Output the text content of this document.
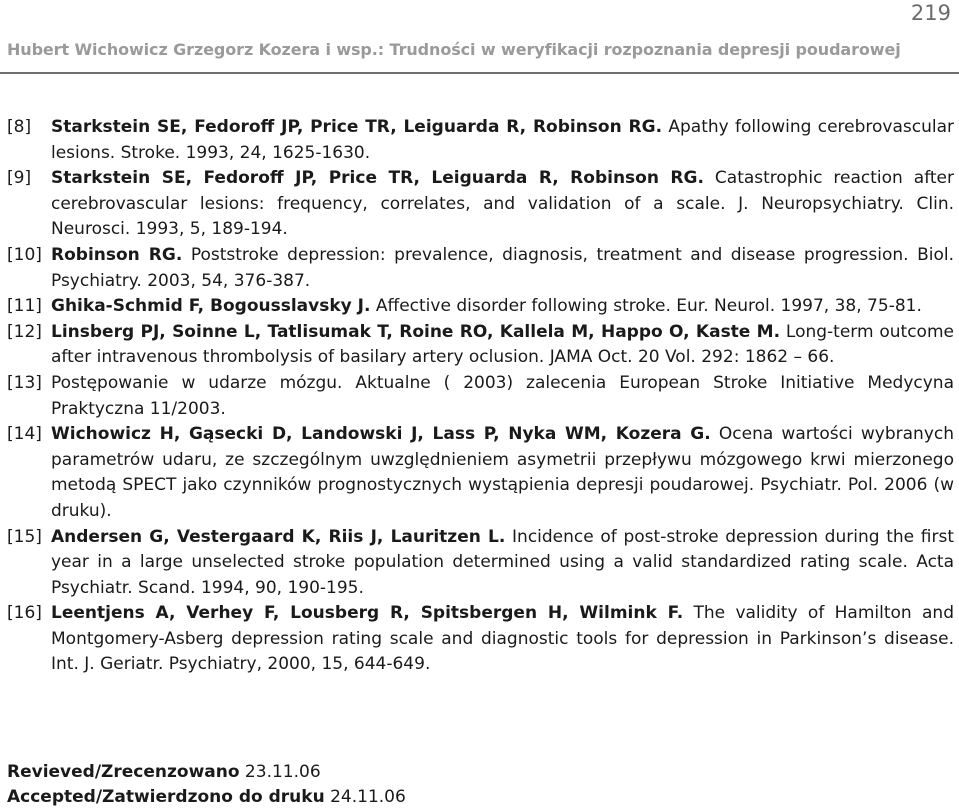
219
Hubert Wichowicz Grzegorz Kozera i wsp.: Trudności w weryfikacji rozpoznania depresji poudarowej
[8]	Starkstein SE, Fedoroff JP, Price TR, Leiguarda R, Robinson RG. Apathy following cerebrovascular lesions. Stroke. 1993, 24, 1625-1630.
[9]	Starkstein SE, Fedoroff JP, Price TR, Leiguarda R, Robinson RG. Catastrophic reaction after cerebrovascular lesions: frequency, correlates, and validation of a scale. J. Neuropsychiatry. Clin. Neurosci. 1993, 5, 189-194.
[10] Robinson RG. Poststroke depression: prevalence, diagnosis, treatment and disease progression. Biol. Psychiatry. 2003, 54, 376-387.
[11] Ghika-Schmid F, Bogousslavsky J. Affective disorder following stroke. Eur. Neurol. 1997, 38, 75-81.
[12] Linsberg PJ, Soinne L, Tatlisumak T, Roine RO, Kallela M, Happo O, Kaste M. Long-term outcome after intravenous thrombolysis of basilary artery oclusion. JAMA Oct. 20 Vol. 292: 1862 – 66.
[13] Postępowanie w udarze mózgu. Aktualne ( 2003) zalecenia European Stroke Initiative Medycyna Praktyczna 11/2003.
[14] Wichowicz H, Gąsecki D, Landowski J, Lass P, Nyka WM, Kozera G. Ocena wartości wybranych parametrów udaru, ze szczególnym uwzględnieniem asymetrii przepływu mózgowego krwi mierzonego metodą SPECT jako czynników prognostycznych wystąpienia depresji poudarowej. Psychiatr. Pol. 2006 (w druku).
[15] Andersen G, Vestergaard K, Riis J, Lauritzen L. Incidence of post-stroke depression during the first year in a large unselected stroke population determined using a valid standardized rating scale. Acta Psychiatr. Scand. 1994, 90, 190-195.
[16] Leentjens A, Verhey F, Lousberg R, Spitsbergen H, Wilmink F. The validity of Hamilton and Montgomery-Asberg depression rating scale and diagnostic tools for depression in Parkinson’s disease. Int. J. Geriatr. Psychiatry, 2000, 15, 644-649.
Revieved/Zrecenzowano 23.11.06
Accepted/Zatwierdzono do druku 24.11.06
